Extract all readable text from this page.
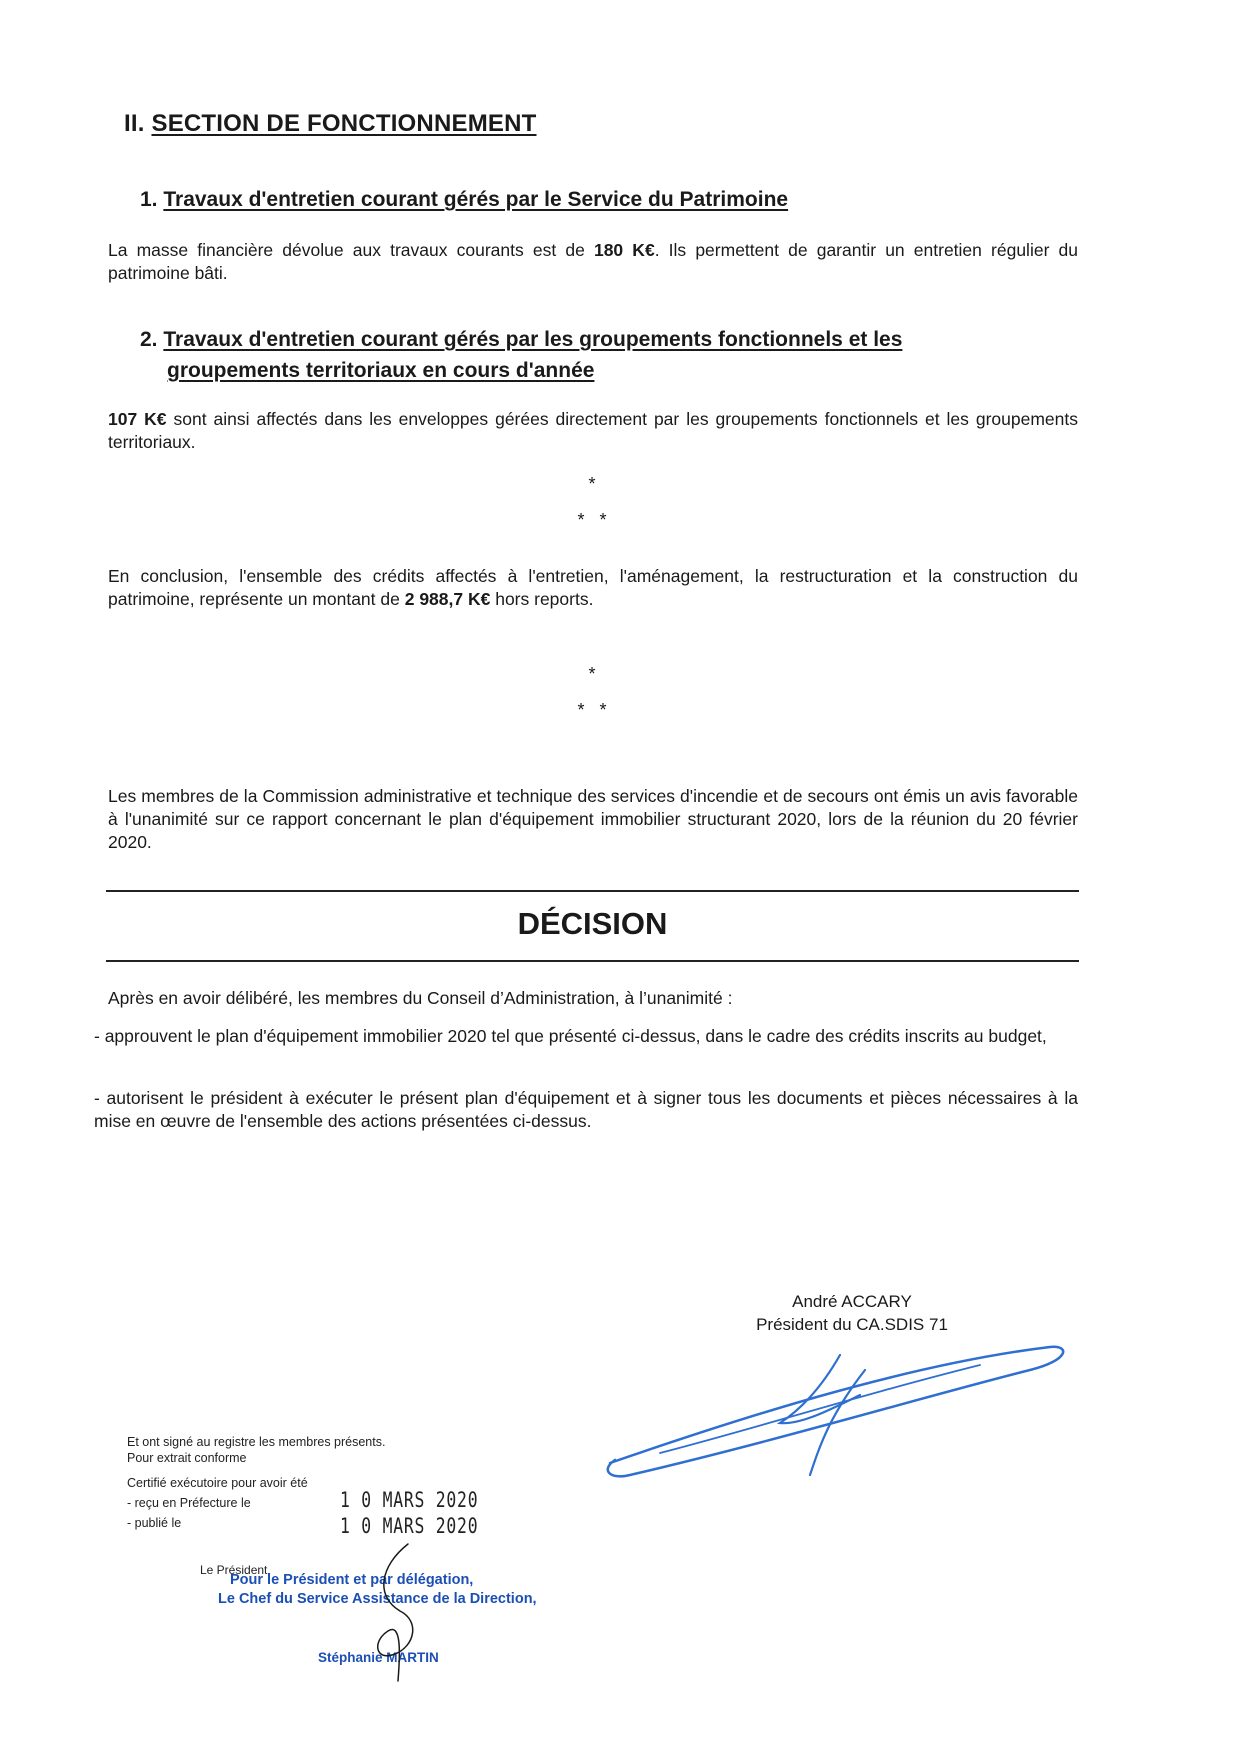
II. SECTION DE FONCTIONNEMENT
1. Travaux d'entretien courant gérés par le Service du Patrimoine
La masse financière dévolue aux travaux courants est de 180 K€. Ils permettent de garantir un entretien régulier du patrimoine bâti.
2. Travaux d'entretien courant gérés par les groupements fonctionnels et les
groupements territoriaux en cours d'année
107 K€ sont ainsi affectés dans les enveloppes gérées directement par les groupements fonctionnels et les groupements territoriaux.
*
*   *
En conclusion, l'ensemble des crédits affectés à l'entretien, l'aménagement, la restructuration et la construction du patrimoine, représente un montant de 2 988,7 K€ hors reports.
*
*   *
Les membres de la Commission administrative et technique des services d'incendie et de secours ont émis un avis favorable à l'unanimité sur ce rapport concernant le plan d'équipement immobilier structurant 2020, lors de la réunion du 20 février 2020.
DÉCISION
Après en avoir délibéré, les membres du Conseil d’Administration, à l’unanimité :
- approuvent le plan d'équipement immobilier 2020 tel que présenté ci-dessus, dans le cadre des crédits inscrits au budget,
- autorisent le président à exécuter le présent plan d'équipement et à signer tous les documents et pièces nécessaires à la mise en œuvre de l'ensemble des actions présentées ci-dessus.
André ACCARY
Président du CA.SDIS 71
Et ont signé au registre les membres présents.
Pour extrait conforme
Certifié exécutoire pour avoir été
- reçu en Préfecture le
- publié le
1 0 MARS 2020
1 0 MARS 2020
Le Président
Pour le Président et par délégation,
Le Chef du Service Assistance de la Direction,
Stéphanie MARTIN
